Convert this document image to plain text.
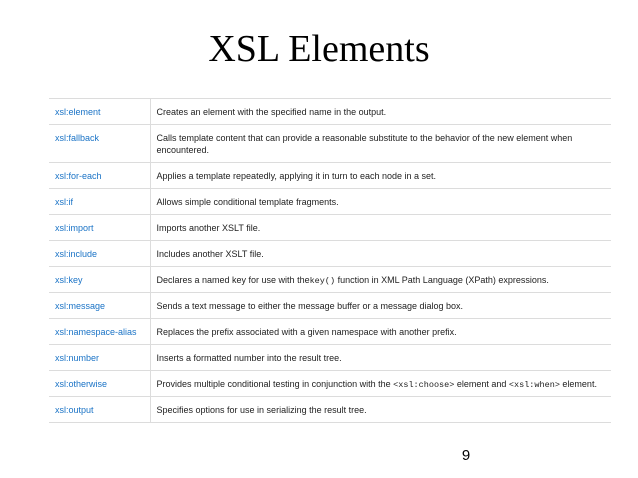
XSL Elements
xsl:element	Creates an element with the specified name in the output.
xsl:fallback	Calls template content that can provide a reasonable substitute to the behavior of the new element when encountered.
xsl:for-each	Applies a template repeatedly, applying it in turn to each node in a set.
xsl:if	Allows simple conditional template fragments.
xsl:import	Imports another XSLT file.
xsl:include	Includes another XSLT file.
xsl:key	Declares a named key for use with thekey() function in XML Path Language (XPath) expressions.
xsl:message	Sends a text message to either the message buffer or a message dialog box.
xsl:namespace-alias	Replaces the prefix associated with a given namespace with another prefix.
xsl:number	Inserts a formatted number into the result tree.
xsl:otherwise	Provides multiple conditional testing in conjunction with the <xsl:choose> element and <xsl:when> element.
xsl:output	Specifies options for use in serializing the result tree.
9
